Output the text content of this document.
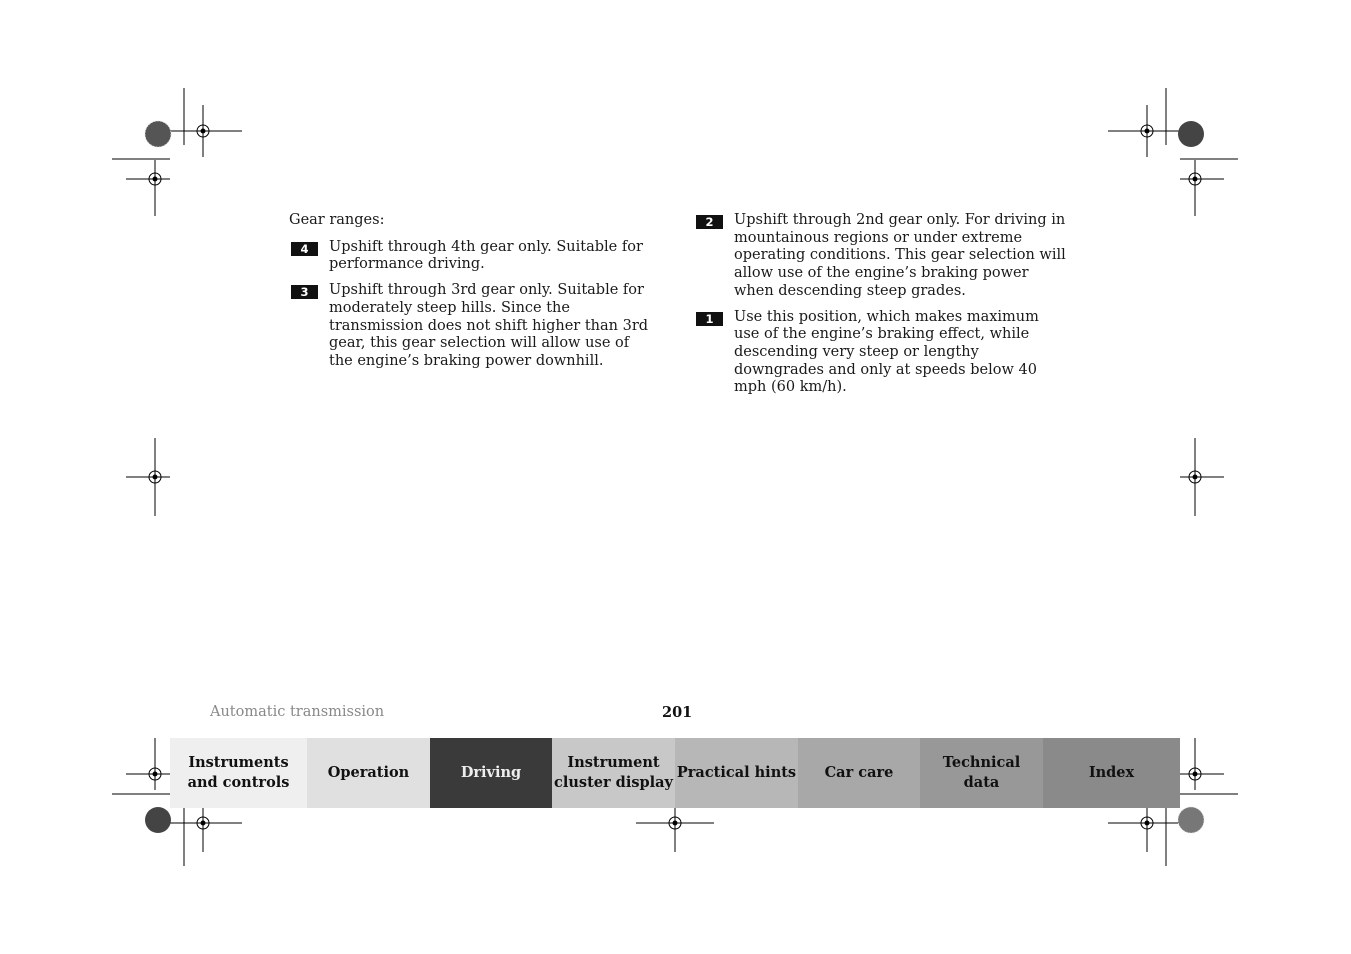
Gear ranges:

4	Upshift through 4th gear only. Suitable for performance driving.
3	Upshift through 3rd gear only. Suitable for moderately steep hills. Since the transmission does not shift higher than 3rd gear, this gear selection will allow use of the engine’s braking power downhill.
2	Upshift through 2nd gear only. For driving in mountainous regions or under extreme operating conditions. This gear selection will allow use of the engine’s braking power when descending steep grades.
1	Use this position, which makes maximum use of the engine’s braking effect, while descending very steep or lengthy downgrades and only at speeds below 40 mph (60 km/h).
Automatic transmission	201
Instruments
and controls
Operation	Driving
Instrument
cluster display
Practical hints	Car care
Technical
data
Index
